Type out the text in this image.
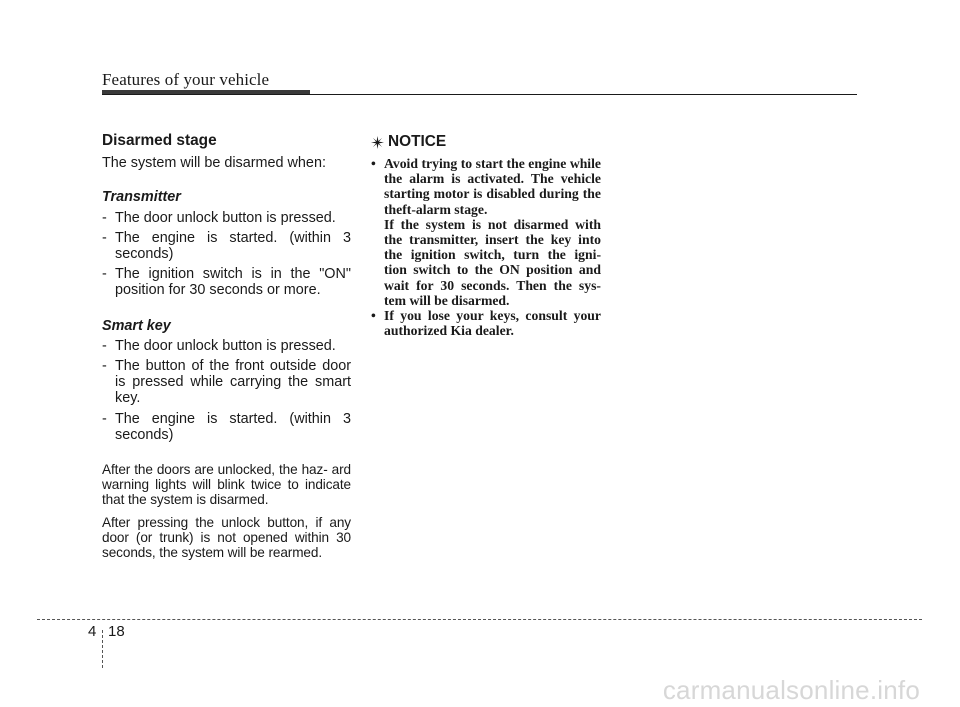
Features of your vehicle
Disarmed stage
The system will be disarmed when:
Transmitter
- The door unlock button is pressed.
- The engine is started. (within 3 seconds)
- The ignition switch is in the "ON" position for 30 seconds or more.
Smart key
- The door unlock button is pressed.
- The button of the front outside door is pressed while carrying the smart key.
- The engine is started. (within 3 seconds)

After the doors are unlocked, the haz- ard warning lights will blink twice to indicate that the system is disarmed.

After pressing the unlock button, if any door (or trunk) is not opened within 30 seconds, the system will be rearmed.

NOTICE
• Avoid trying to start the engine while the alarm is activated. The vehicle starting motor is disabled during the theft-alarm stage.
If the system is not disarmed with the transmitter, insert the key into the ignition switch, turn the igni- tion switch to the ON position and wait for 30 seconds. Then the sys- tem will be disarmed.
• If you lose your keys, consult your authorized Kia dealer.
4 18
carmanualsonline.info
